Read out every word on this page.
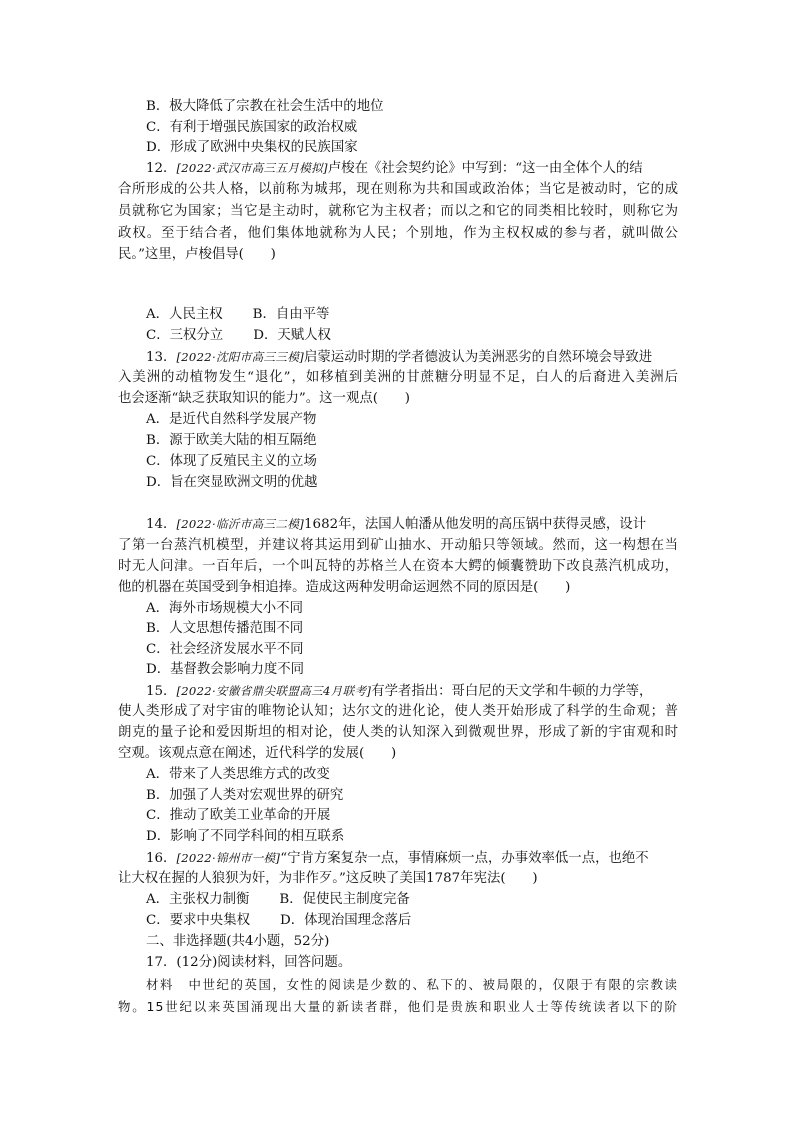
B．极大降低了宗教在社会生活中的地位
C．有利于增强民族国家的政治权威
D．形成了欧洲中央集权的民族国家
12．[2022·武汉市高三五月模拟]卢梭在《社会契约论》中写到：“这一由全体个人的结
合所形成的公共人格，以前称为城邦，现在则称为共和国或政治体；当它是被动时，它的成
员就称它为国家；当它是主动时，就称它为主权者；而以之和它的同类相比较时，则称它为
政权。至于结合者，他们集体地就称为人民；个别地，作为主权权威的参与者，就叫做公
民。”这里，卢梭倡导(　　)
A．人民主权 B．自由平等
C．三权分立 D．天赋人权
13．[2022·沈阳市高三三模]启蒙运动时期的学者德波认为美洲恶劣的自然环境会导致进
入美洲的动植物发生“退化”，如移植到美洲的甘蔗糖分明显不足，白人的后裔进入美洲后
也会逐渐“缺乏获取知识的能力”。这一观点(　　)
A．是近代自然科学发展产物
B．源于欧美大陆的相互隔绝
C．体现了反殖民主义的立场
D．旨在突显欧洲文明的优越
14．[2022·临沂市高三二模]1682年，法国人帕潘从他发明的高压锅中获得灵感，设计
了第一台蒸汽机模型，并建议将其运用到矿山抽水、开动船只等领域。然而，这一构想在当
时无人问津。一百年后，一个叫瓦特的苏格兰人在资本大鳄的倾囊赞助下改良蒸汽机成功，
他的机器在英国受到争相追捧。造成这两种发明命运迥然不同的原因是(　　)
A．海外市场规模大小不同
B．人文思想传播范围不同
C．社会经济发展水平不同
D．基督教会影响力度不同
15．[2022·安徽省鼎尖联盟高三4月联考]有学者指出：哥白尼的天文学和牛顿的力学等，
使人类形成了对宇宙的唯物论认知；达尔文的进化论，使人类开始形成了科学的生命观；普
朗克的量子论和爱因斯坦的相对论，使人类的认知深入到微观世界，形成了新的宇宙观和时
空观。该观点意在阐述，近代科学的发展(　　)
A．带来了人类思维方式的改变
B．加强了人类对宏观世界的研究
C．推动了欧美工业革命的开展
D．影响了不同学科间的相互联系
16．[2022·锦州市一模]“宁肯方案复杂一点，事情麻烦一点，办事效率低一点，也绝不
让大权在握的人狼狈为奸，为非作歹。”这反映了美国1787年宪法(　　)
A．主张权力制衡 B．促使民主制度完备
C．要求中央集权 D．体现治国理念落后
二、非选择题(共4小题，52分)
17．(12分)阅读材料，回答问题。
材料 中世纪的英国，女性的阅读是少数的、私下的、被局限的，仅限于有限的宗教读
物。15世纪以来英国涌现出大量的新读者群，他们是贵族和职业人士等传统读者以下的阶
